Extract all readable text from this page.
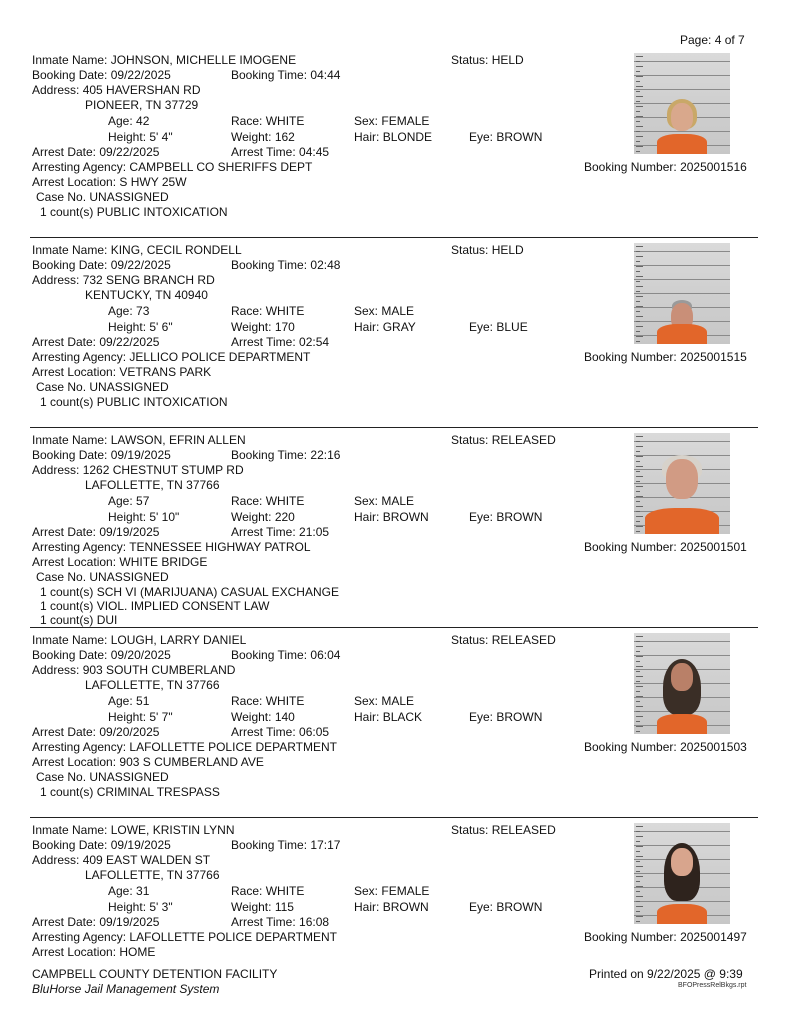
Page: 4 of 7
Inmate Name: JOHNSON, MICHELLE IMOGENE	Status: HELD
Booking Date: 09/22/2025	Booking Time: 04:44
Address: 405 HAVERSHAN RD
PIONEER, TN 37729
Age: 42	Race: WHITE	Sex: FEMALE
Height: 5' 4"	Weight: 162	Hair: BLONDE	Eye: BROWN
Arrest Date: 09/22/2025	Arrest Time: 04:45
Arresting Agency: CAMPBELL CO SHERIFFS DEPT	Booking Number: 2025001516
Arrest Location: S HWY 25W
Case No. UNASSIGNED
1 count(s) PUBLIC INTOXICATION
Inmate Name: KING, CECIL RONDELL	Status: HELD
Booking Date: 09/22/2025	Booking Time: 02:48
Address: 732 SENG BRANCH RD
KENTUCKY, TN 40940
Age: 73	Race: WHITE	Sex: MALE
Height: 5' 6"	Weight: 170	Hair: GRAY	Eye: BLUE
Arrest Date: 09/22/2025	Arrest Time: 02:54
Arresting Agency: JELLICO POLICE DEPARTMENT	Booking Number: 2025001515
Arrest Location: VETRANS PARK
Case No. UNASSIGNED
1 count(s) PUBLIC INTOXICATION
Inmate Name: LAWSON, EFRIN ALLEN	Status: RELEASED
Booking Date: 09/19/2025	Booking Time: 22:16
Address: 1262 CHESTNUT STUMP RD
LAFOLLETTE, TN 37766
Age: 57	Race: WHITE	Sex: MALE
Height: 5' 10"	Weight: 220	Hair: BROWN	Eye: BROWN
Arrest Date: 09/19/2025	Arrest Time: 21:05
Arresting Agency: TENNESSEE HIGHWAY PATROL	Booking Number: 2025001501
Arrest Location: WHITE BRIDGE
Case No. UNASSIGNED
1 count(s) SCH VI (MARIJUANA) CASUAL EXCHANGE
1 count(s) VIOL. IMPLIED CONSENT LAW
1 count(s) DUI
Inmate Name: LOUGH, LARRY DANIEL	Status: RELEASED
Booking Date: 09/20/2025	Booking Time: 06:04
Address: 903 SOUTH CUMBERLAND
LAFOLLETTE, TN 37766
Age: 51	Race: WHITE	Sex: MALE
Height: 5' 7"	Weight: 140	Hair: BLACK	Eye: BROWN
Arrest Date: 09/20/2025	Arrest Time: 06:05
Arresting Agency: LAFOLLETTE POLICE DEPARTMENT	Booking Number: 2025001503
Arrest Location: 903 S CUMBERLAND AVE
Case No. UNASSIGNED
1 count(s) CRIMINAL TRESPASS
Inmate Name: LOWE, KRISTIN LYNN	Status: RELEASED
Booking Date: 09/19/2025	Booking Time: 17:17
Address: 409 EAST WALDEN ST
LAFOLLETTE, TN 37766
Age: 31	Race: WHITE	Sex: FEMALE
Height: 5' 3"	Weight: 115	Hair: BROWN	Eye: BROWN
Arrest Date: 09/19/2025	Arrest Time: 16:08
Arresting Agency: LAFOLLETTE POLICE DEPARTMENT	Booking Number: 2025001497
Arrest Location: HOME
CAMPBELL COUNTY DETENTION FACILITY
BluHorse Jail Management System
Printed on 9/22/2025 @ 9:39
BFOPressRelBkgs.rpt
